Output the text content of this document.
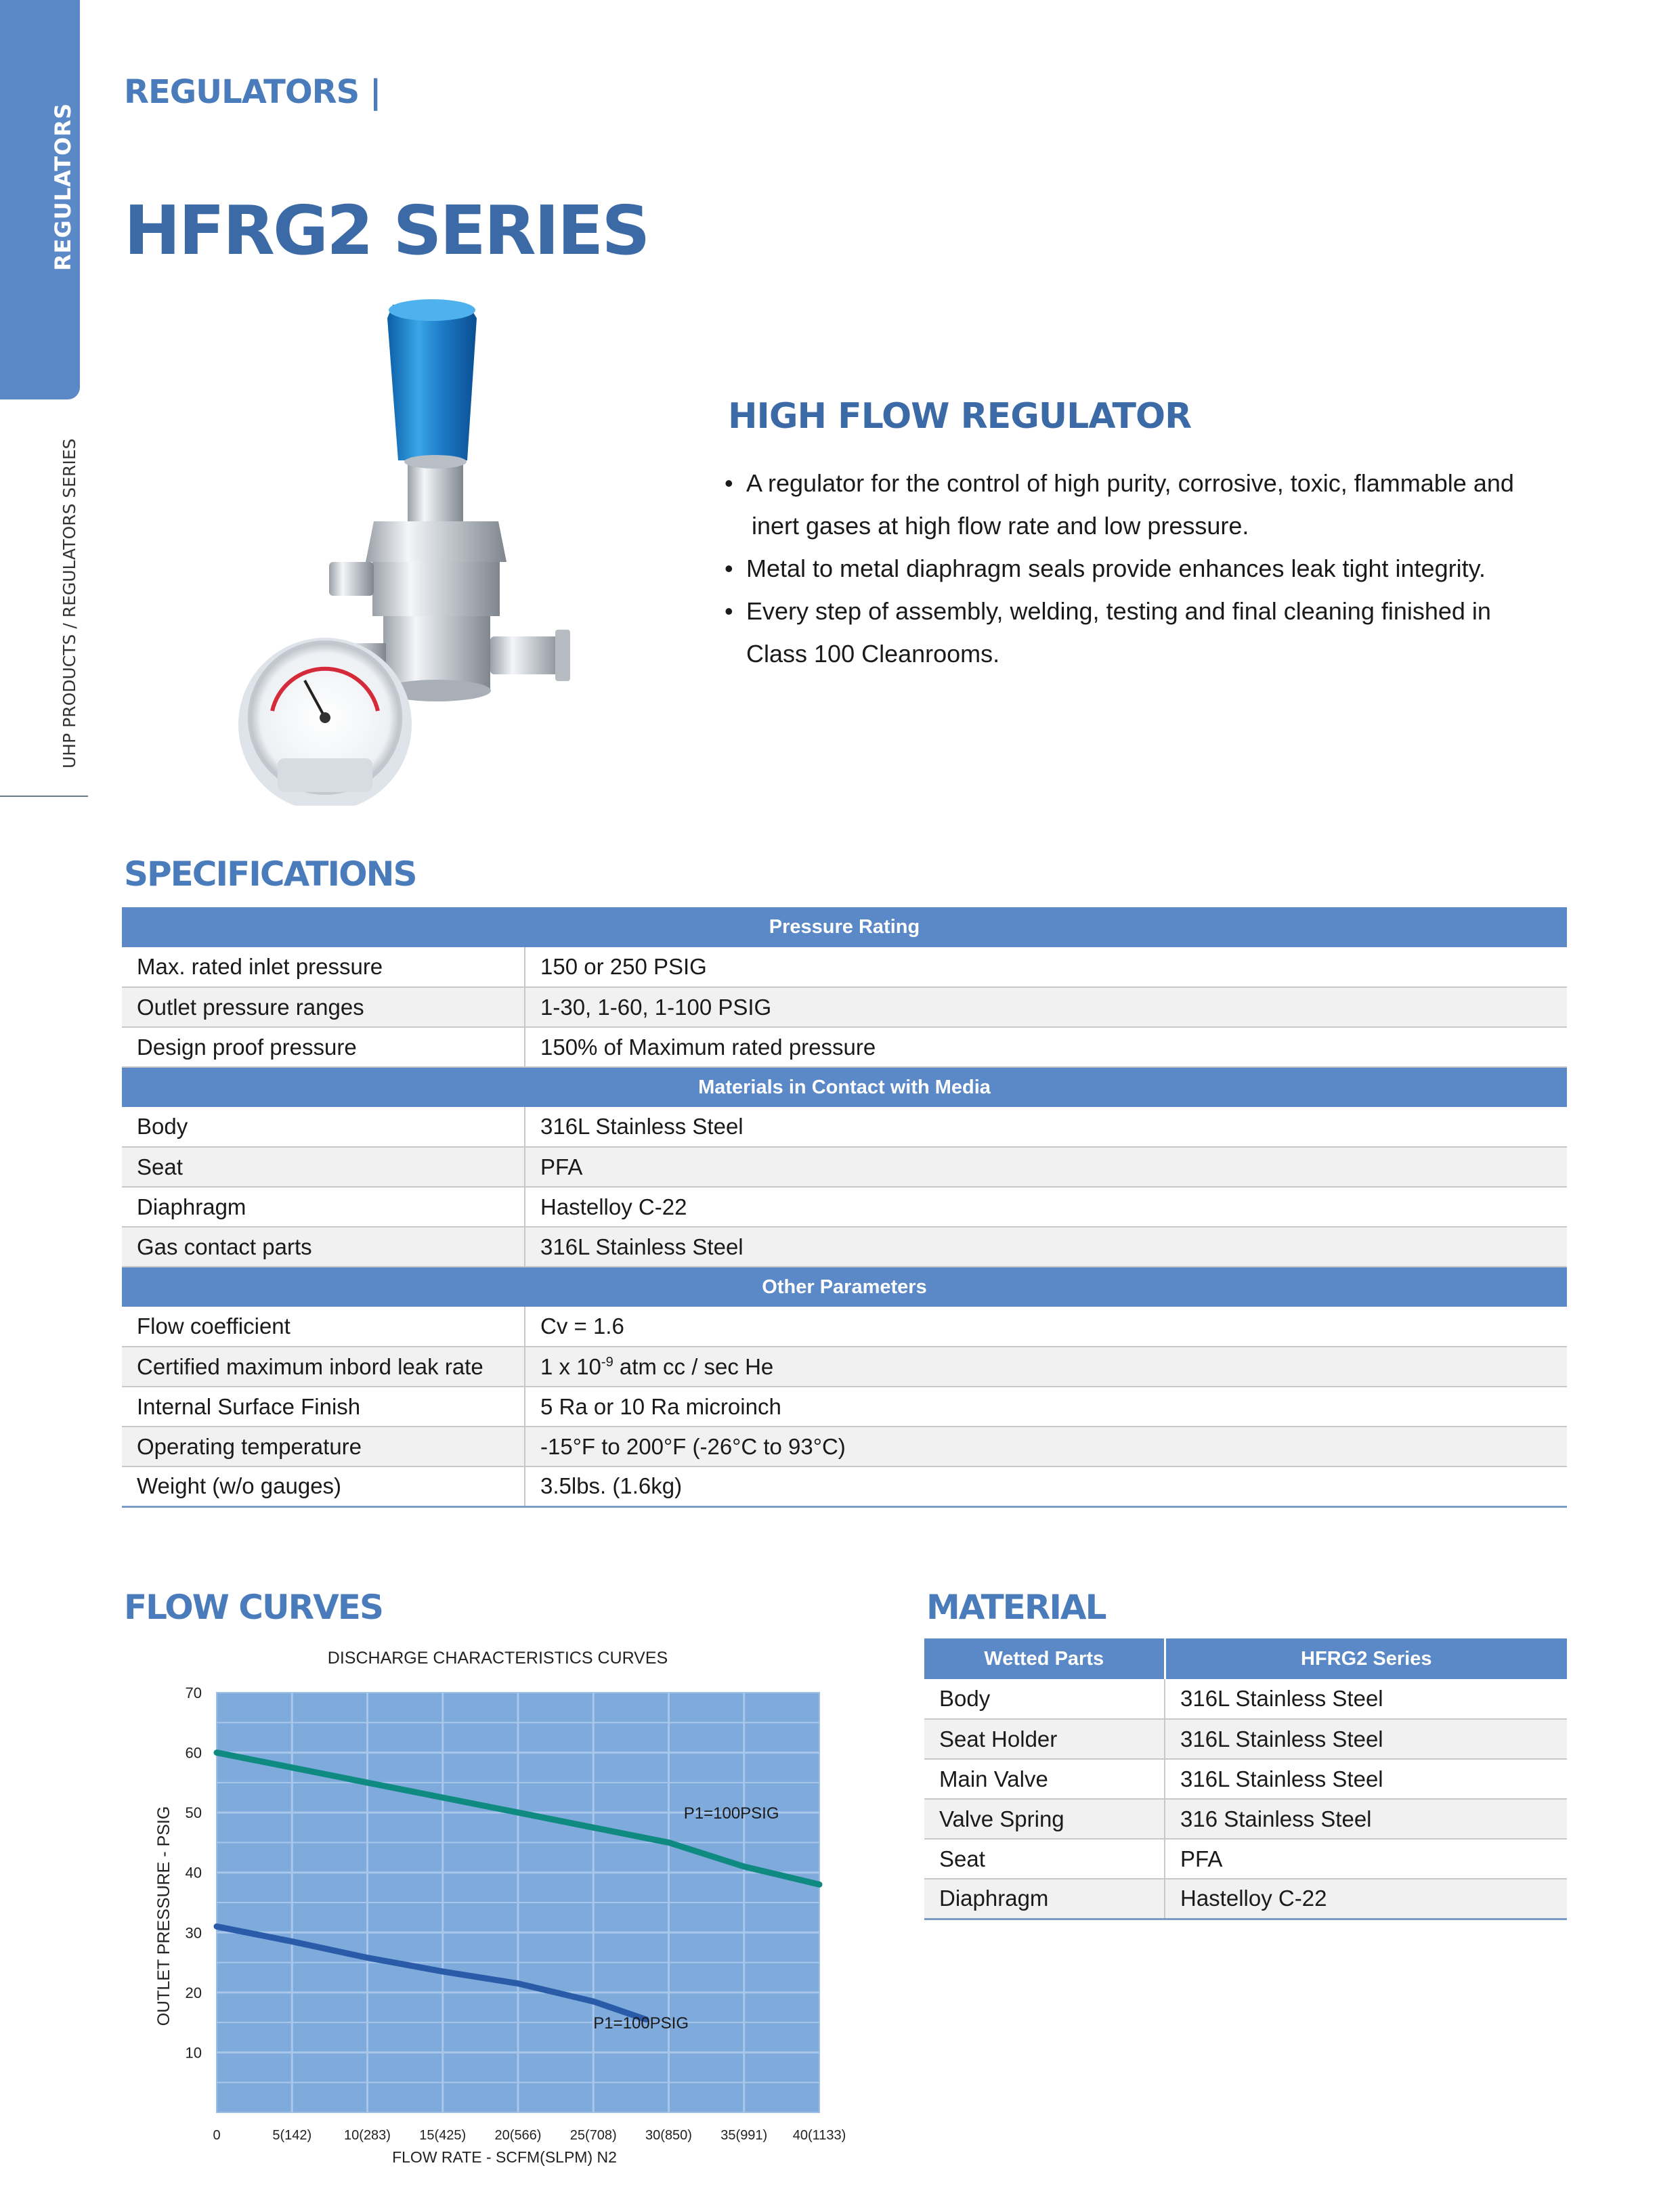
REGULATORS
UHP PRODUCTS / REGULATORS SERIES
REGULATORS |
HFRG2 SERIES
HIGH FLOW REGULATOR
• A regulator for the control of high purity, corrosive, toxic, flammable and
inert gases at high flow rate and low pressure.
• Metal to metal diaphragm seals provide enhances leak tight integrity.
• Every step of assembly, welding, testing and final cleaning finished in
Class 100 Cleanrooms.
SPECIFICATIONS
Pressure Rating	
Max. rated inlet pressure	150 or 250 PSIG
Outlet pressure ranges	1-30, 1-60, 1-100 PSIG
Design proof pressure	150% of Maximum rated pressure
Materials in Contact with Media	
Body	316L Stainless Steel
Seat	PFA
Diaphragm	Hastelloy C-22
Gas contact parts	316L Stainless Steel
Other Parameters	
Flow coefficient	Cv = 1.6
Certified maximum inbord leak rate	1 x $10^{-9}$ atm cc / sec He
Internal Surface Finish	5 Ra or 10 Ra microinch
Operating temperature	-15°F to 200°F (-26°C to 93°C)
Weight (w/o gauges)	3.5lbs. (1.6kg)
FLOW CURVES
10
20
30
40
50
60
70
0	5(142) 10(283) 15(425) 20(566) 25(708) 30(850) 35(991) 40(1133)
DISCHARGE CHARACTERISTICS CURVES
FLOW RATE - SCFM(SLPM) N2
OUTLET PRESSURE - PSIG	P1=100PSIG
P1=100PSIG
MATERIAL
Wetted Parts	HFRG2 Series
Body	316L Stainless Steel
Seat Holder	316L Stainless Steel
Main Valve	316L Stainless Steel
Valve Spring	316 Stainless Steel
Seat	PFA
Diaphragm	Hastelloy C-22
